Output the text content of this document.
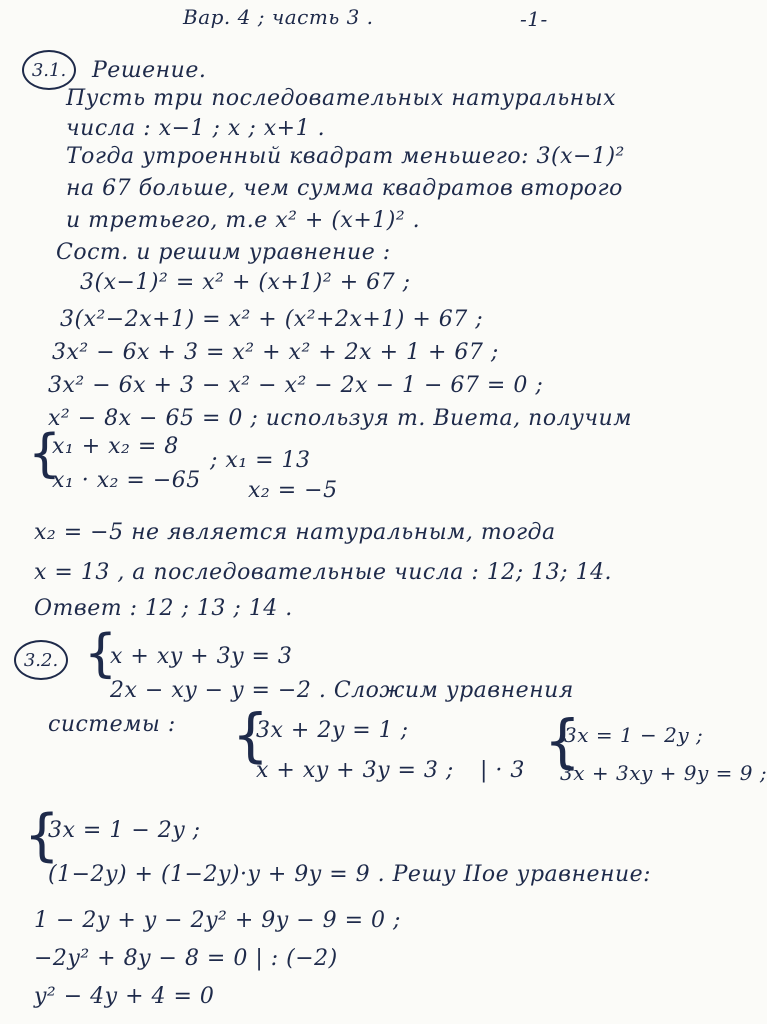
Вар. 4 ; часть 3 .	-1-
3.1.	Решение.
Пусть три последовательных натуральных
числа : x−1 ; x ; x+1 .
Тогда утроенный квадрат меньшего: 3(x−1)²
на 67 больше, чем сумма квадратов второго
и третьего, т.е x² + (x+1)² .
Сост. и решим уравнение :
3(x−1)² = x² + (x+1)² + 67 ;
3(x²−2x+1) = x² + (x²+2x+1) + 67 ;
3x² − 6x + 3 = x² + x² + 2x + 1 + 67 ;
3x² − 6x + 3 − x² − x² − 2x − 1 − 67 = 0 ;
x² − 8x − 65 = 0 ; используя т. Виета, получим
{
x₁ + x₂ = 8
x₁ · x₂ = −65
; x₁ = 13
x₂ = −5
x₂ = −5 не является натуральным, тогда
x = 13 , а последовательные числа : 12; 13; 14.
Ответ : 12 ; 13 ; 14 .
3.2. {
x + xy + 3y = 3
2x − xy − y = −2 . Сложим уравнения
системы : {
3x + 2y = 1 ;
x + xy + 3y = 3 ; | · 3 {
3x = 1 − 2y ;
3x + 3xy + 9y = 9 ;
{
3x = 1 − 2y ;
(1−2y) + (1−2y)·y + 9y = 9 . Решу IIое уравнение:
1 − 2y + y − 2y² + 9y − 9 = 0 ;
−2y² + 8y − 8 = 0 | : (−2)
y² − 4y + 4 = 0
